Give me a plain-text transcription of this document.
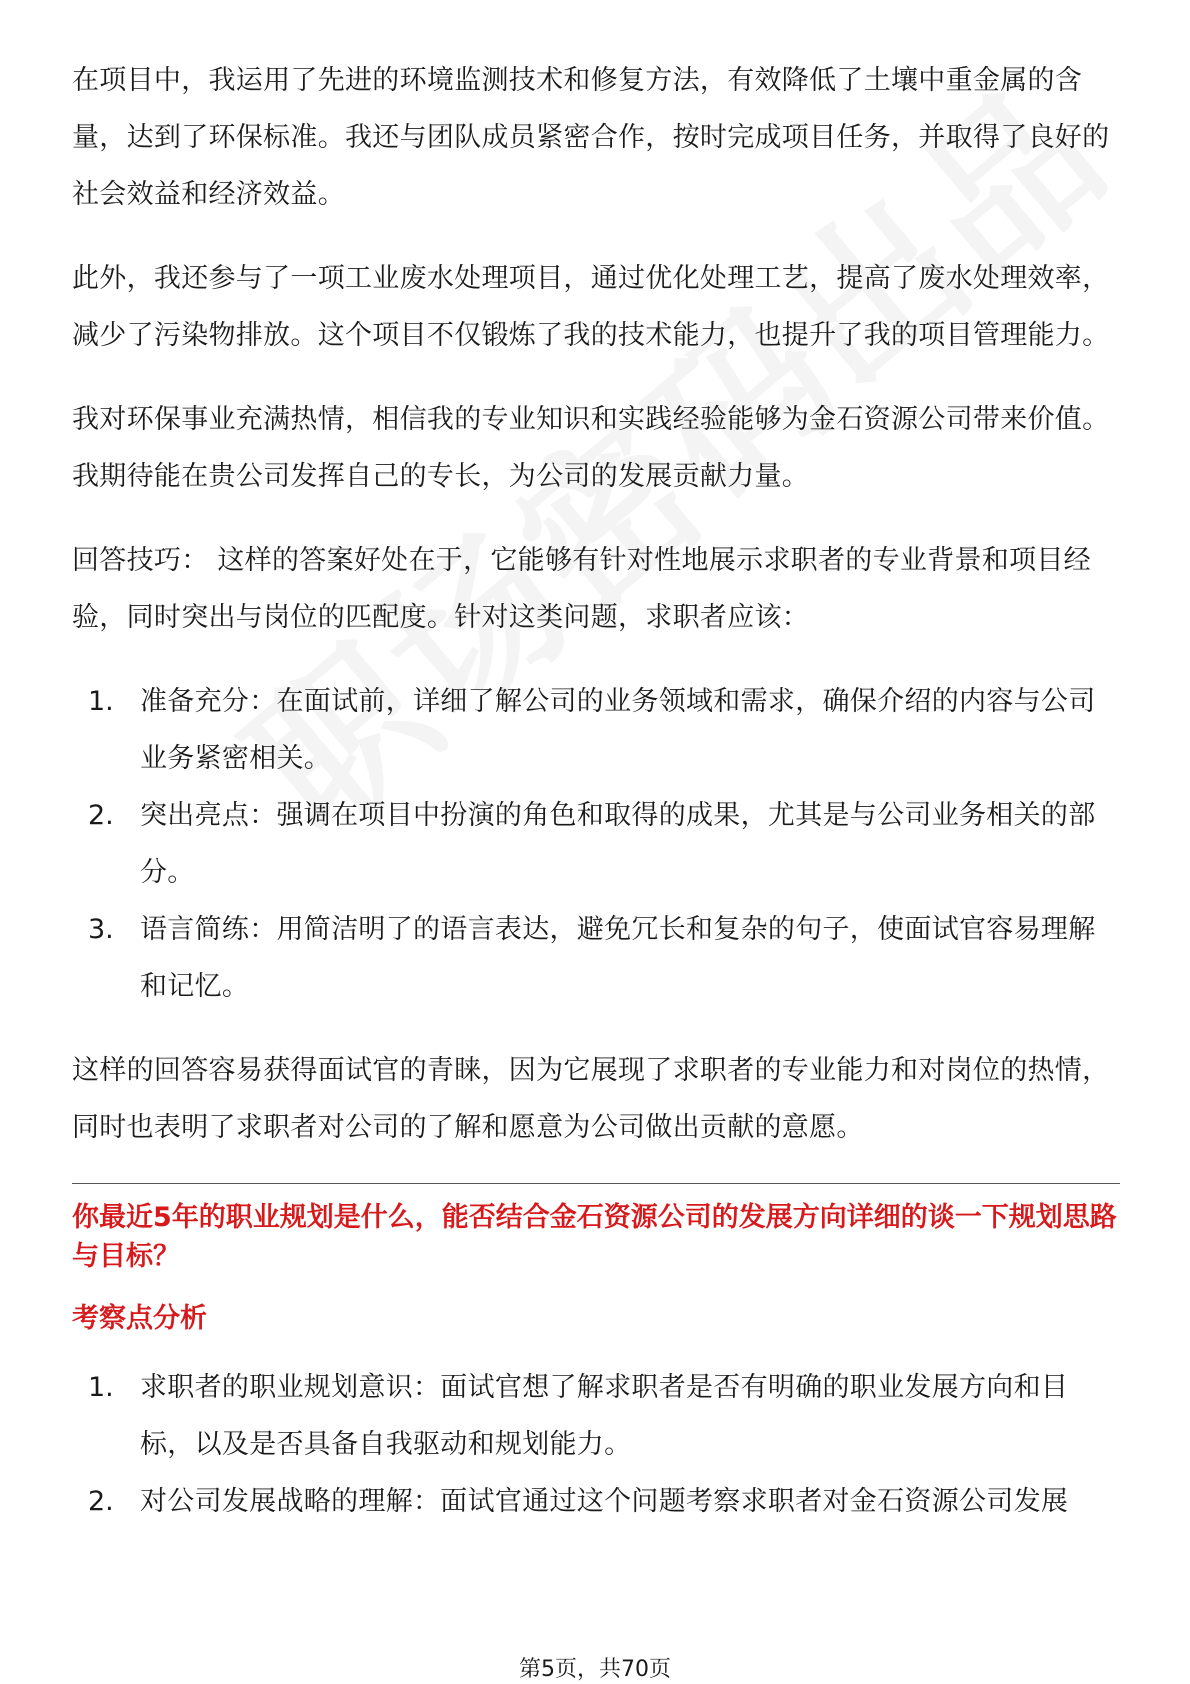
在项目中，我运用了先进的环境监测技术和修复方法，有效降低了土壤中重金属的含量，达到了环保标准。我还与团队成员紧密合作，按时完成项目任务，并取得了良好的社会效益和经济效益。

此外，我还参与了一项工业废水处理项目，通过优化处理工艺，提高了废水处理效率，减少了污染物排放。这个项目不仅锻炼了我的技术能力，也提升了我的项目管理能力。

我对环保事业充满热情，相信我的专业知识和实践经验能够为金石资源公司带来价值。我期待能在贵公司发挥自己的专长，为公司的发展贡献力量。

回答技巧： 这样的答案好处在于，它能够有针对性地展示求职者的专业背景和项目经验，同时突出与岗位的匹配度。针对这类问题，求职者应该：

1. 准备充分：在面试前，详细了解公司的业务领域和需求，确保介绍的内容与公司业务紧密相关。
2. 突出亮点：强调在项目中扮演的角色和取得的成果，尤其是与公司业务相关的部分。
3. 语言简练：用简洁明了的语言表达，避免冗长和复杂的句子，使面试官容易理解和记忆。

这样的回答容易获得面试官的青睐，因为它展现了求职者的专业能力和对岗位的热情，同时也表明了求职者对公司的了解和愿意为公司做出贡献的意愿。

你最近5年的职业规划是什么，能否结合金石资源公司的发展方向详细的谈一下规划思路与目标？
考察点分析
1. 求职者的职业规划意识：面试官想了解求职者是否有明确的职业发展方向和目标，以及是否具备自我驱动和规划能力。
2. 对公司发展战略的理解：面试官通过这个问题考察求职者对金石资源公司发展
第5页，共70页
